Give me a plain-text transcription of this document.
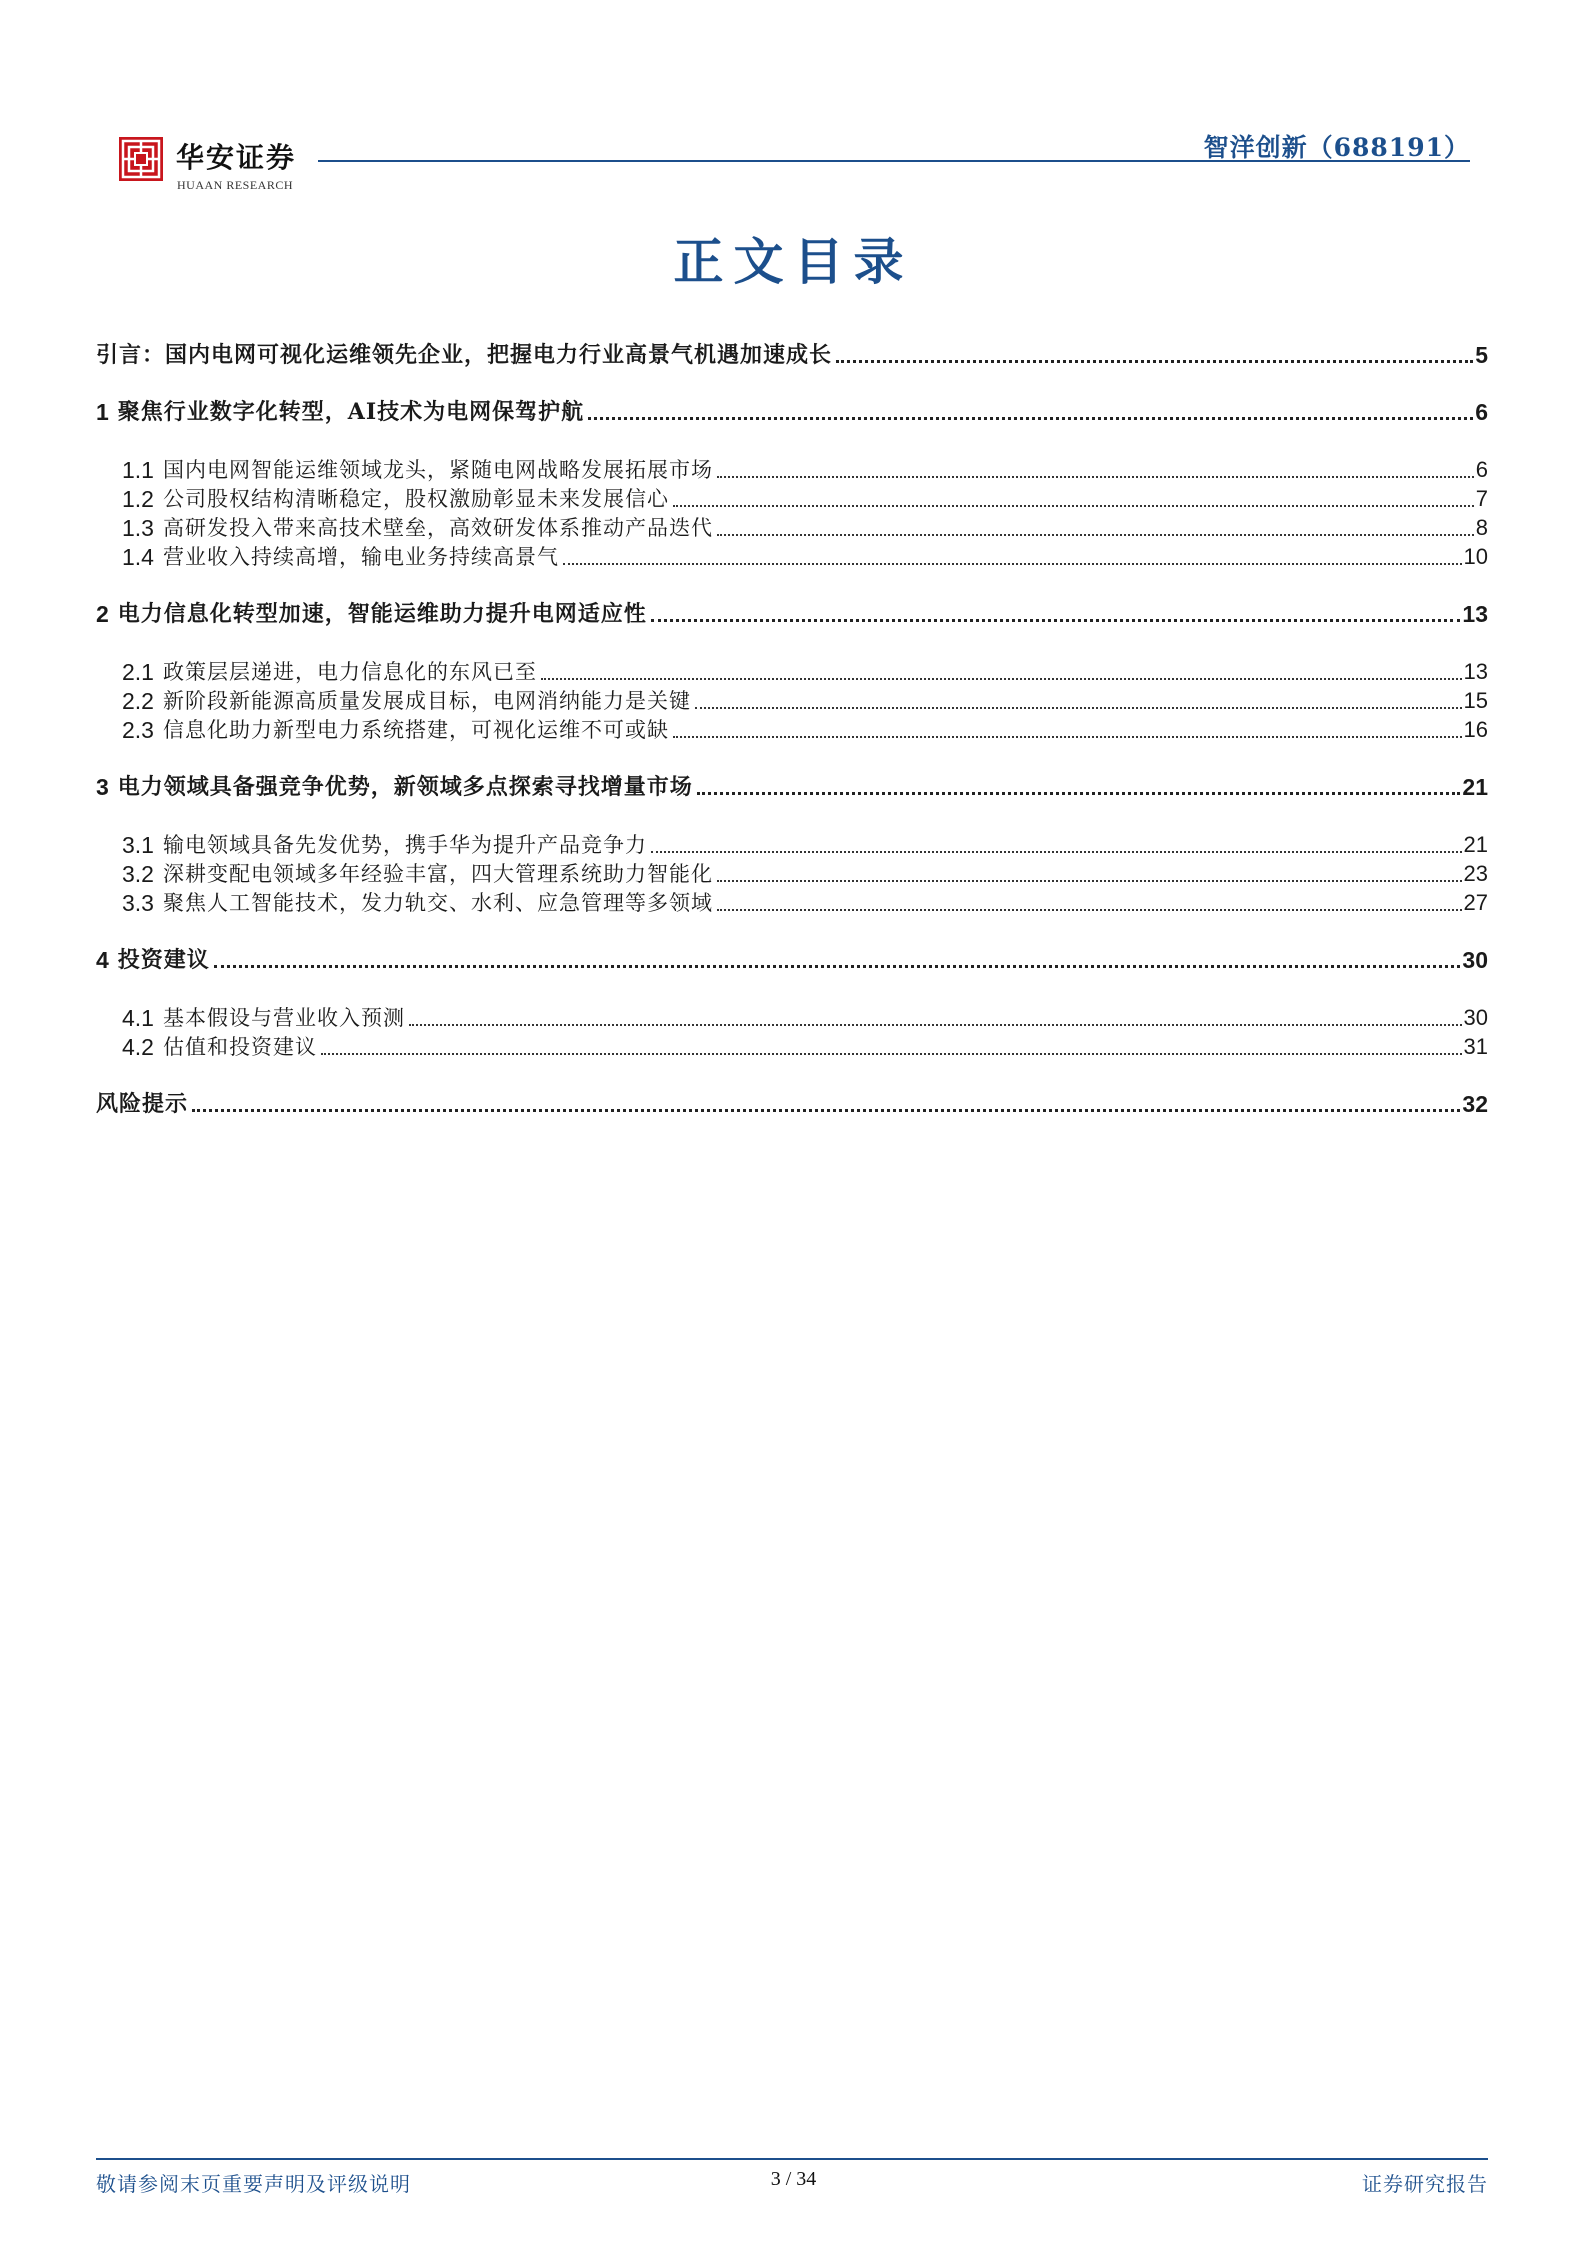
华安证券
HUAAN RESEARCH
智洋创新（688191）
正文目录
引言：国内电网可视化运维领先企业，把握电力行业高景气机遇加速成长	5
1 聚焦行业数字化转型，AI技术为电网保驾护航	6
1.1 国内电网智能运维领域龙头，紧随电网战略发展拓展市场	6
1.2 公司股权结构清晰稳定，股权激励彰显未来发展信心	7
1.3 高研发投入带来高技术壁垒，高效研发体系推动产品迭代	8
1.4 营业收入持续高增，输电业务持续高景气	10
2 电力信息化转型加速，智能运维助力提升电网适应性	13
2.1 政策层层递进，电力信息化的东风已至	13
2.2 新阶段新能源高质量发展成目标，电网消纳能力是关键	15
2.3 信息化助力新型电力系统搭建，可视化运维不可或缺	16
3 电力领域具备强竞争优势，新领域多点探索寻找增量市场	21
3.1 输电领域具备先发优势，携手华为提升产品竞争力	21
3.2 深耕变配电领域多年经验丰富，四大管理系统助力智能化	23
3.3 聚焦人工智能技术，发力轨交、水利、应急管理等多领域	27
4 投资建议	30
4.1 基本假设与营业收入预测	30
4.2 估值和投资建议	31
风险提示	32
敬请参阅末页重要声明及评级说明	3 / 34	证券研究报告
